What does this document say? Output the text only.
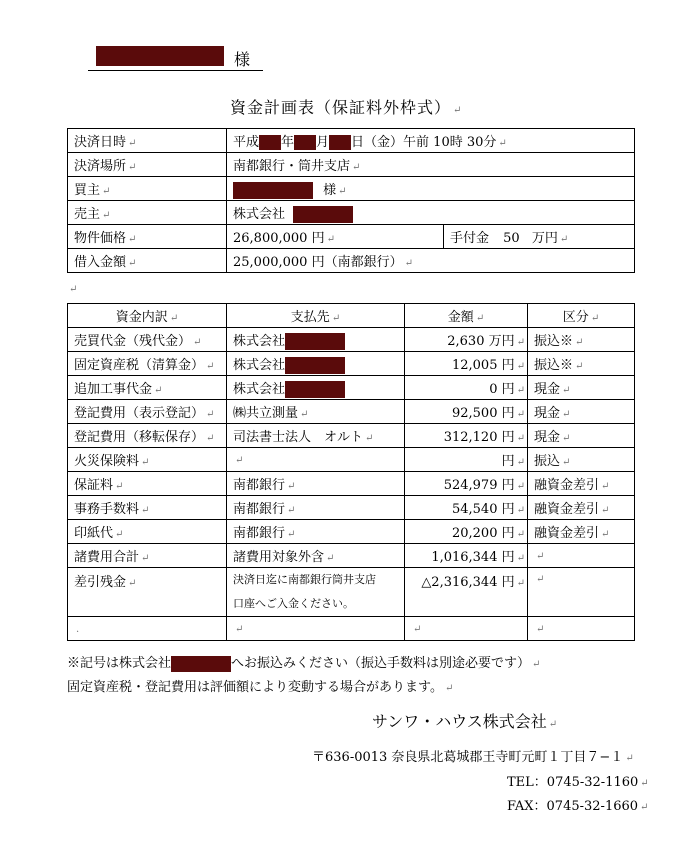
様
資金計画表（保証料外枠式） ↵
決済日時 ↵	平成 年 月 日（金）午前 10時 30分 ↵	
決済場所 ↵	南都銀行・筒井支店 ↵	
買主 ↵	様 ↵	
売主 ↵	株式会社	
物件価格 ↵	26,800,000 円 ↵	手付金 50 万円 ↵
借入金額 ↵	25,000,000 円（南都銀行） ↵	
↵
資金内訳 ↵	支払先 ↵	金額 ↵	区分 ↵
売買代金（残代金） ↵	株式会社	2,630 万円 ↵	振込※ ↵
固定資産税（清算金） ↵	株式会社	12,005 円 ↵	振込※ ↵
追加工事代金 ↵	株式会社	0 円 ↵	現金 ↵
登記費用（表示登記） ↵	㈱共立測量 ↵	92,500 円 ↵	現金 ↵
登記費用（移転保存） ↵	司法書士法人　オルト ↵	312,120 円 ↵	現金 ↵
火災保険料 ↵	↵	円 ↵	振込 ↵
保証料 ↵	南都銀行 ↵	524,979 円 ↵	融資金差引 ↵
事務手数料 ↵	南都銀行 ↵	54,540 円 ↵	融資金差引 ↵
印紙代 ↵	南都銀行 ↵	20,200 円 ↵	融資金差引 ↵
諸費用合計 ↵	諸費用対象外含 ↵	1,016,344 円 ↵	↵
差引残金 ↵	決済日迄に南都銀行筒井支店
口座へご入金ください。	△2,316,344 円 ↵	↵
.	↵	↵	↵
※記号は株式会社	へお振込みください（振込手数料は別途必要です） ↵
固定資産税・登記費用は評価額により変動する場合があります。 ↵
サンワ・ハウス株式会社 ↵
〒636-0013 奈良県北葛城郡王寺町元町１丁目７−１ ↵
TEL：0745-32-1160 ↵
FAX：0745-32-1660 ↵
